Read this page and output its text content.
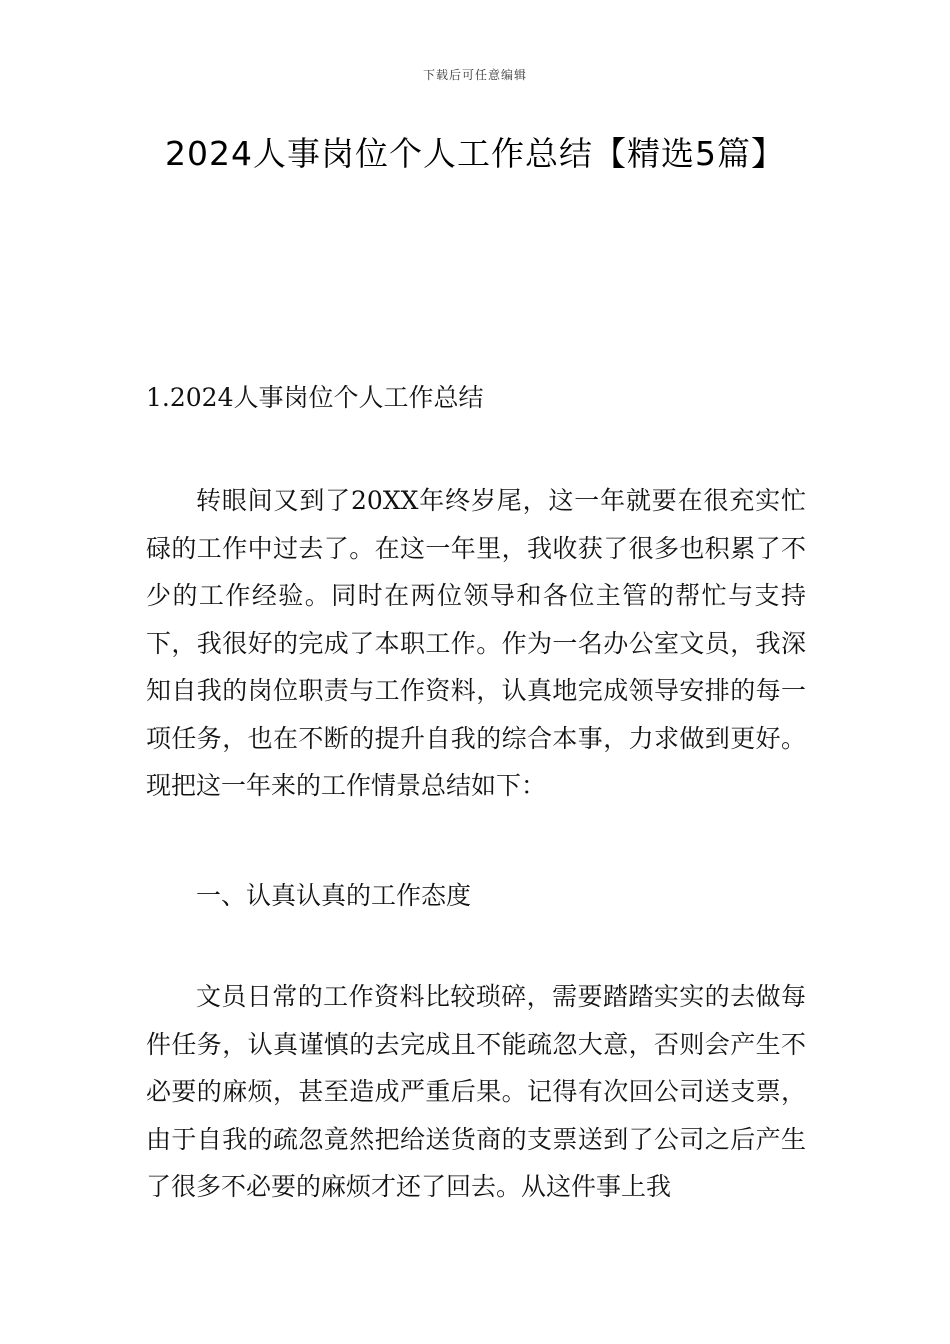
下载后可任意编辑
2024人事岗位个人工作总结【精选5篇】
1.2024人事岗位个人工作总结

转眼间又到了20XX年终岁尾，这一年就要在很充实忙碌的工作中过去了。在这一年里，我收获了很多也积累了不少的工作经验。同时在两位领导和各位主管的帮忙与支持下，我很好的完成了本职工作。作为一名办公室文员，我深知自我的岗位职责与工作资料，认真地完成领导安排的每一项任务，也在不断的提升自我的综合本事，力求做到更好。现把这一年来的工作情景总结如下：

一、认真认真的工作态度

文员日常的工作资料比较琐碎，需要踏踏实实的去做每件任务，认真谨慎的去完成且不能疏忽大意，否则会产生不必要的麻烦，甚至造成严重后果。记得有次回公司送支票，由于自我的疏忽竟然把给送货商的支票送到了公司之后产生了很多不必要的麻烦才还了回去。从这件事上我
